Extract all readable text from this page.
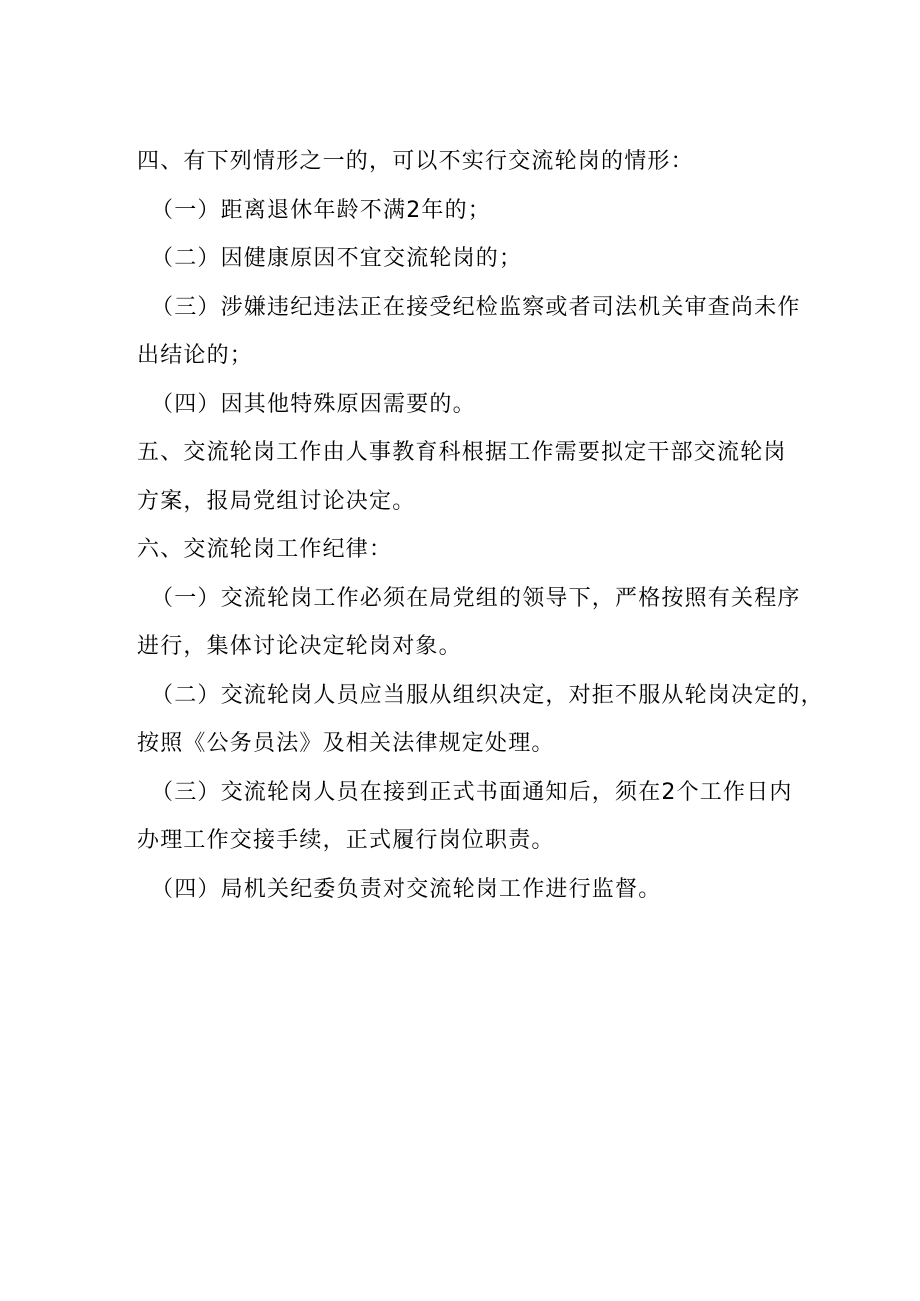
四、有下列情形之一的，可以不实行交流轮岗的情形：
（一）距离退休年龄不满2年的；
（二）因健康原因不宜交流轮岗的；
（三）涉嫌违纪违法正在接受纪检监察或者司法机关审查尚未作
出结论的；
（四）因其他特殊原因需要的。
五、交流轮岗工作由人事教育科根据工作需要拟定干部交流轮岗
方案，报局党组讨论决定。
六、交流轮岗工作纪律：
（一）交流轮岗工作必须在局党组的领导下，严格按照有关程序
进行，集体讨论决定轮岗对象。
（二）交流轮岗人员应当服从组织决定，对拒不服从轮岗决定的，
按照《公务员法》及相关法律规定处理。
（三）交流轮岗人员在接到正式书面通知后，须在2个工作日内
办理工作交接手续，正式履行岗位职责。
（四）局机关纪委负责对交流轮岗工作进行监督。
